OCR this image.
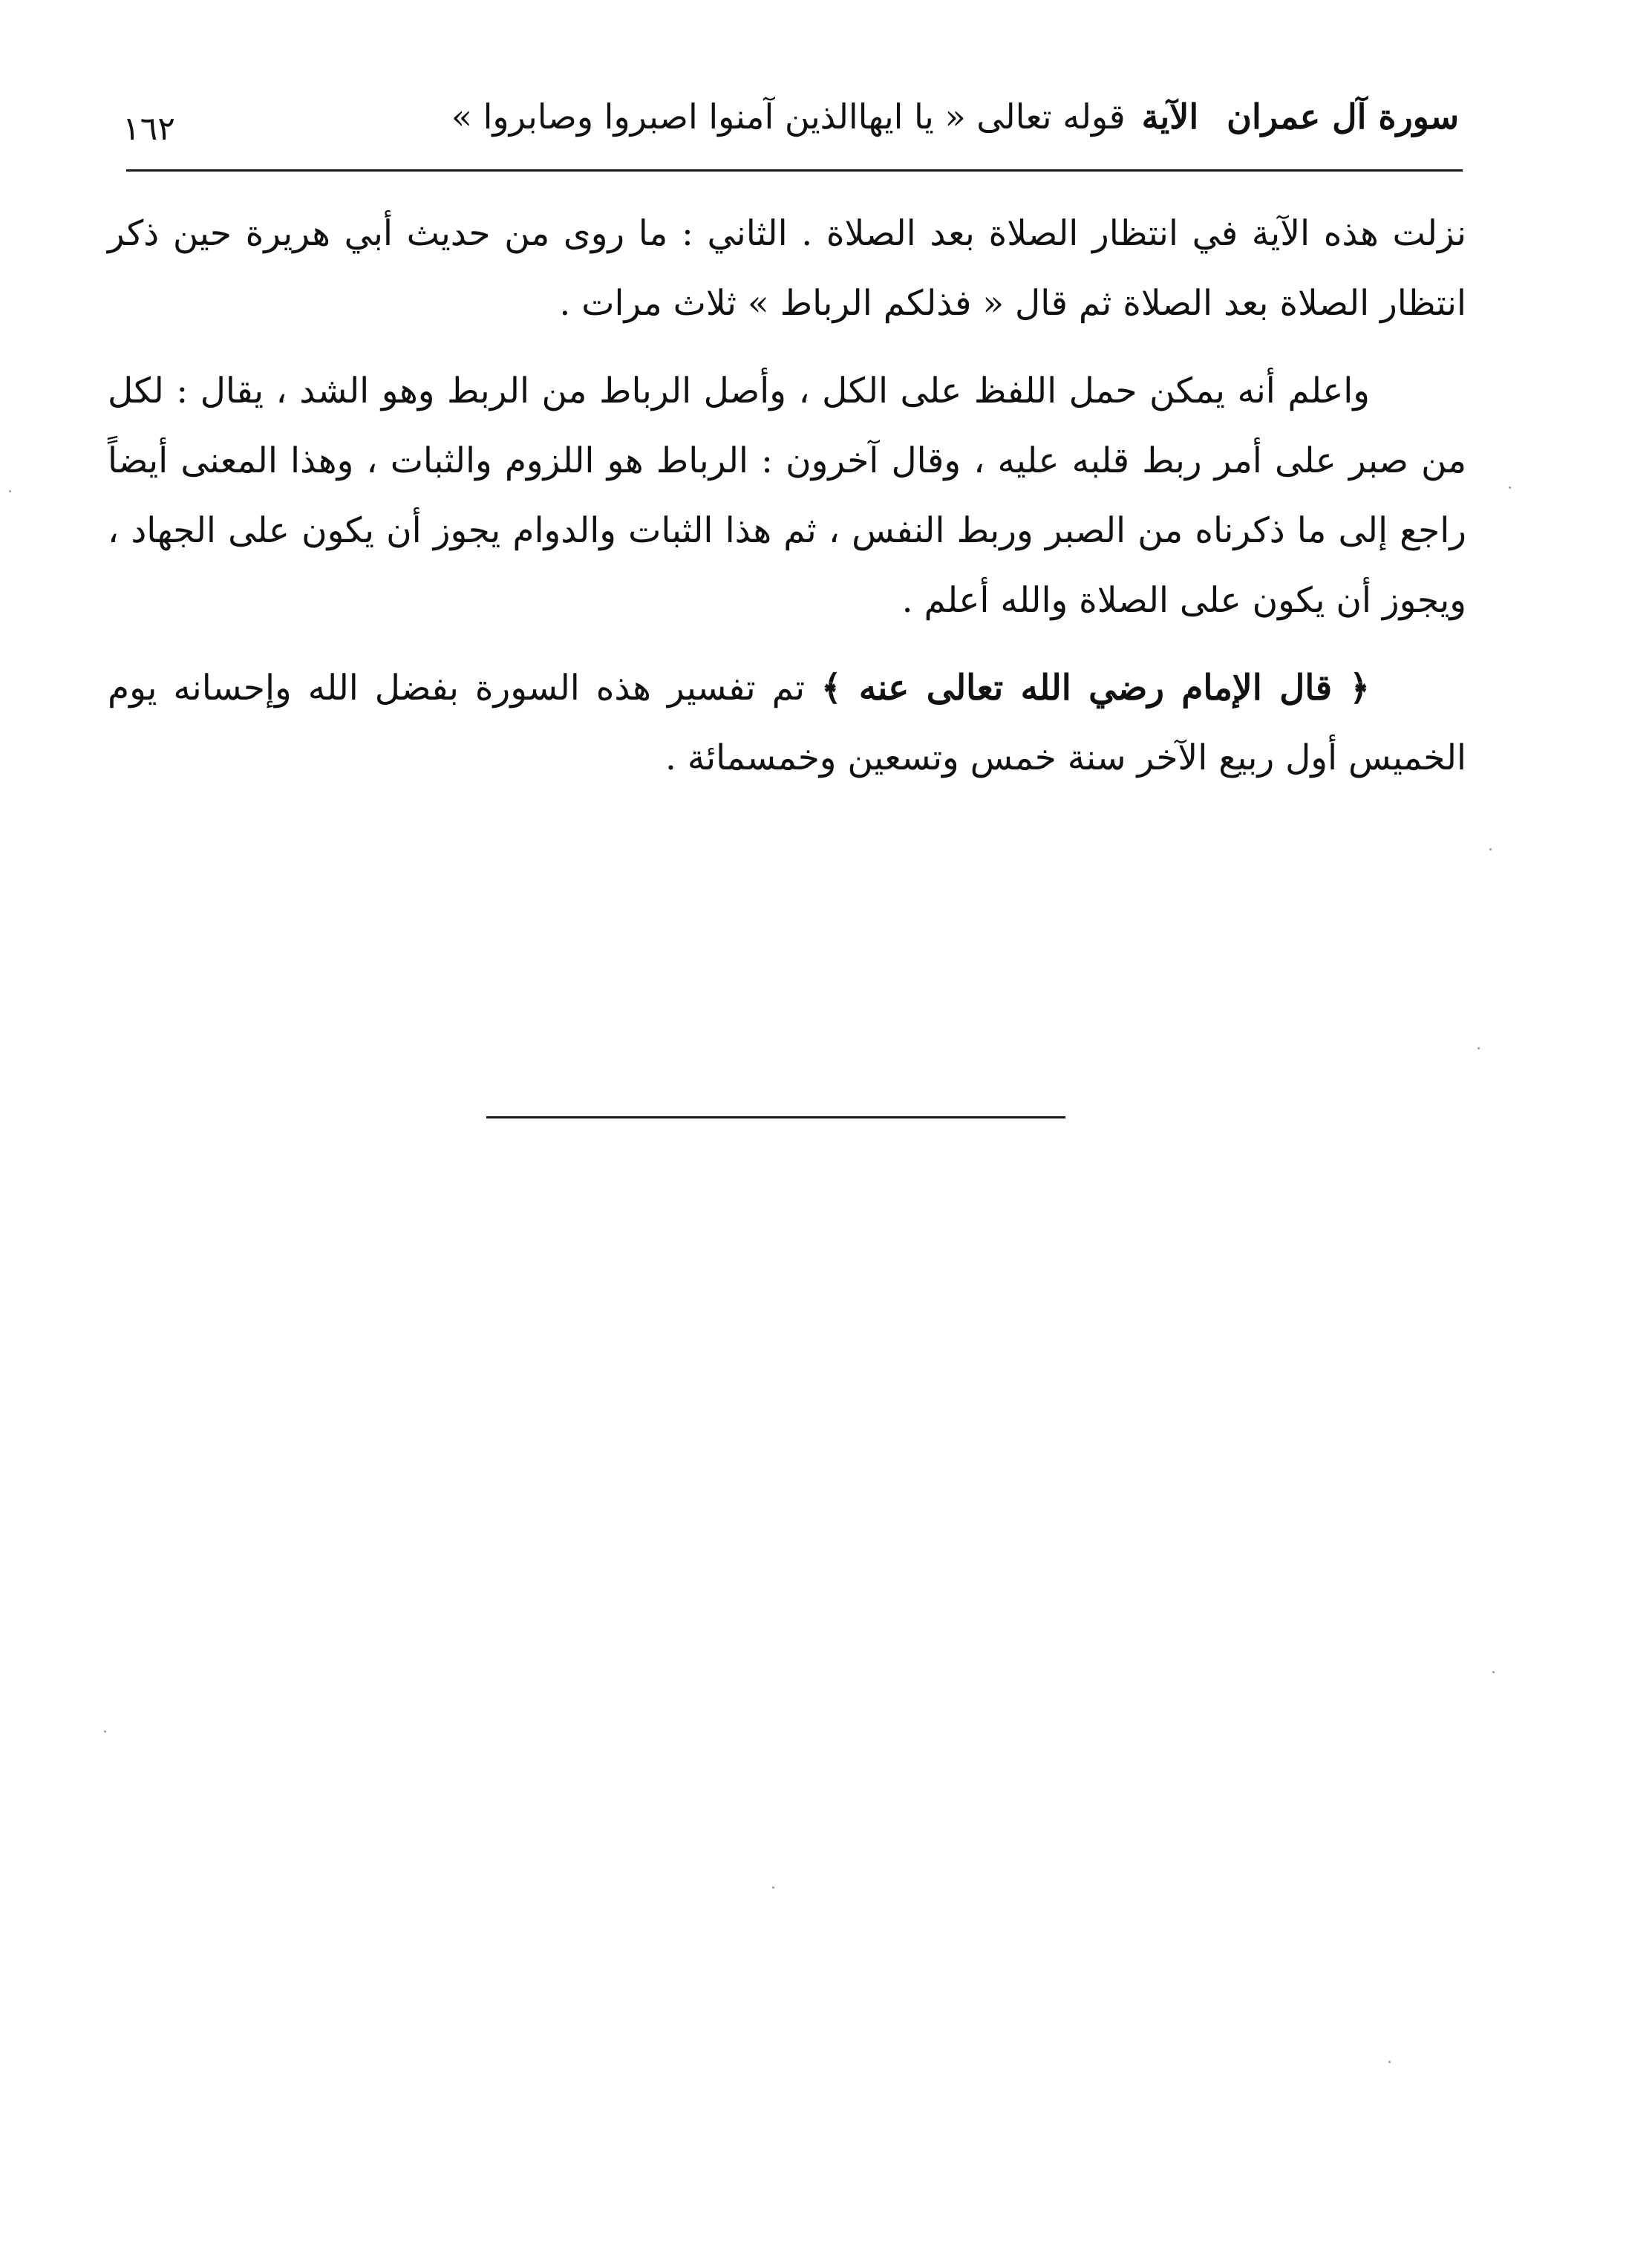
سورة آل عمرانالآيةقوله تعالى « يا ايهاالذين آمنوا اصبروا وصابروا »
١٦٢

نزلت هذه الآية في انتظار الصلاة بعد الصلاة . الثاني : ما روى من حديث أبي هريرة حين ذكر انتظار الصلاة بعد الصلاة ثم قال « فذلكم الرباط » ثلاث مرات .

واعلم أنه يمكن حمل اللفظ على الكل ، وأصل الرباط من الربط وهو الشد ، يقال : لكل من صبر على أمر ربط قلبه عليه ، وقال آخرون : الرباط هو اللزوم والثبات ، وهذا المعنى أيضاً راجع إلى ما ذكرناه من الصبر وربط النفس ، ثم هذا الثبات والدوام يجوز أن يكون على الجهاد ، ويجوز أن يكون على الصلاة والله أعلم .

﴿ قال الإمام رضي الله تعالى عنه ﴾ تم تفسير هذه السورة بفضل الله وإحسانه يوم الخميس أول ربيع الآخر سنة خمس وتسعين وخمسمائة .
